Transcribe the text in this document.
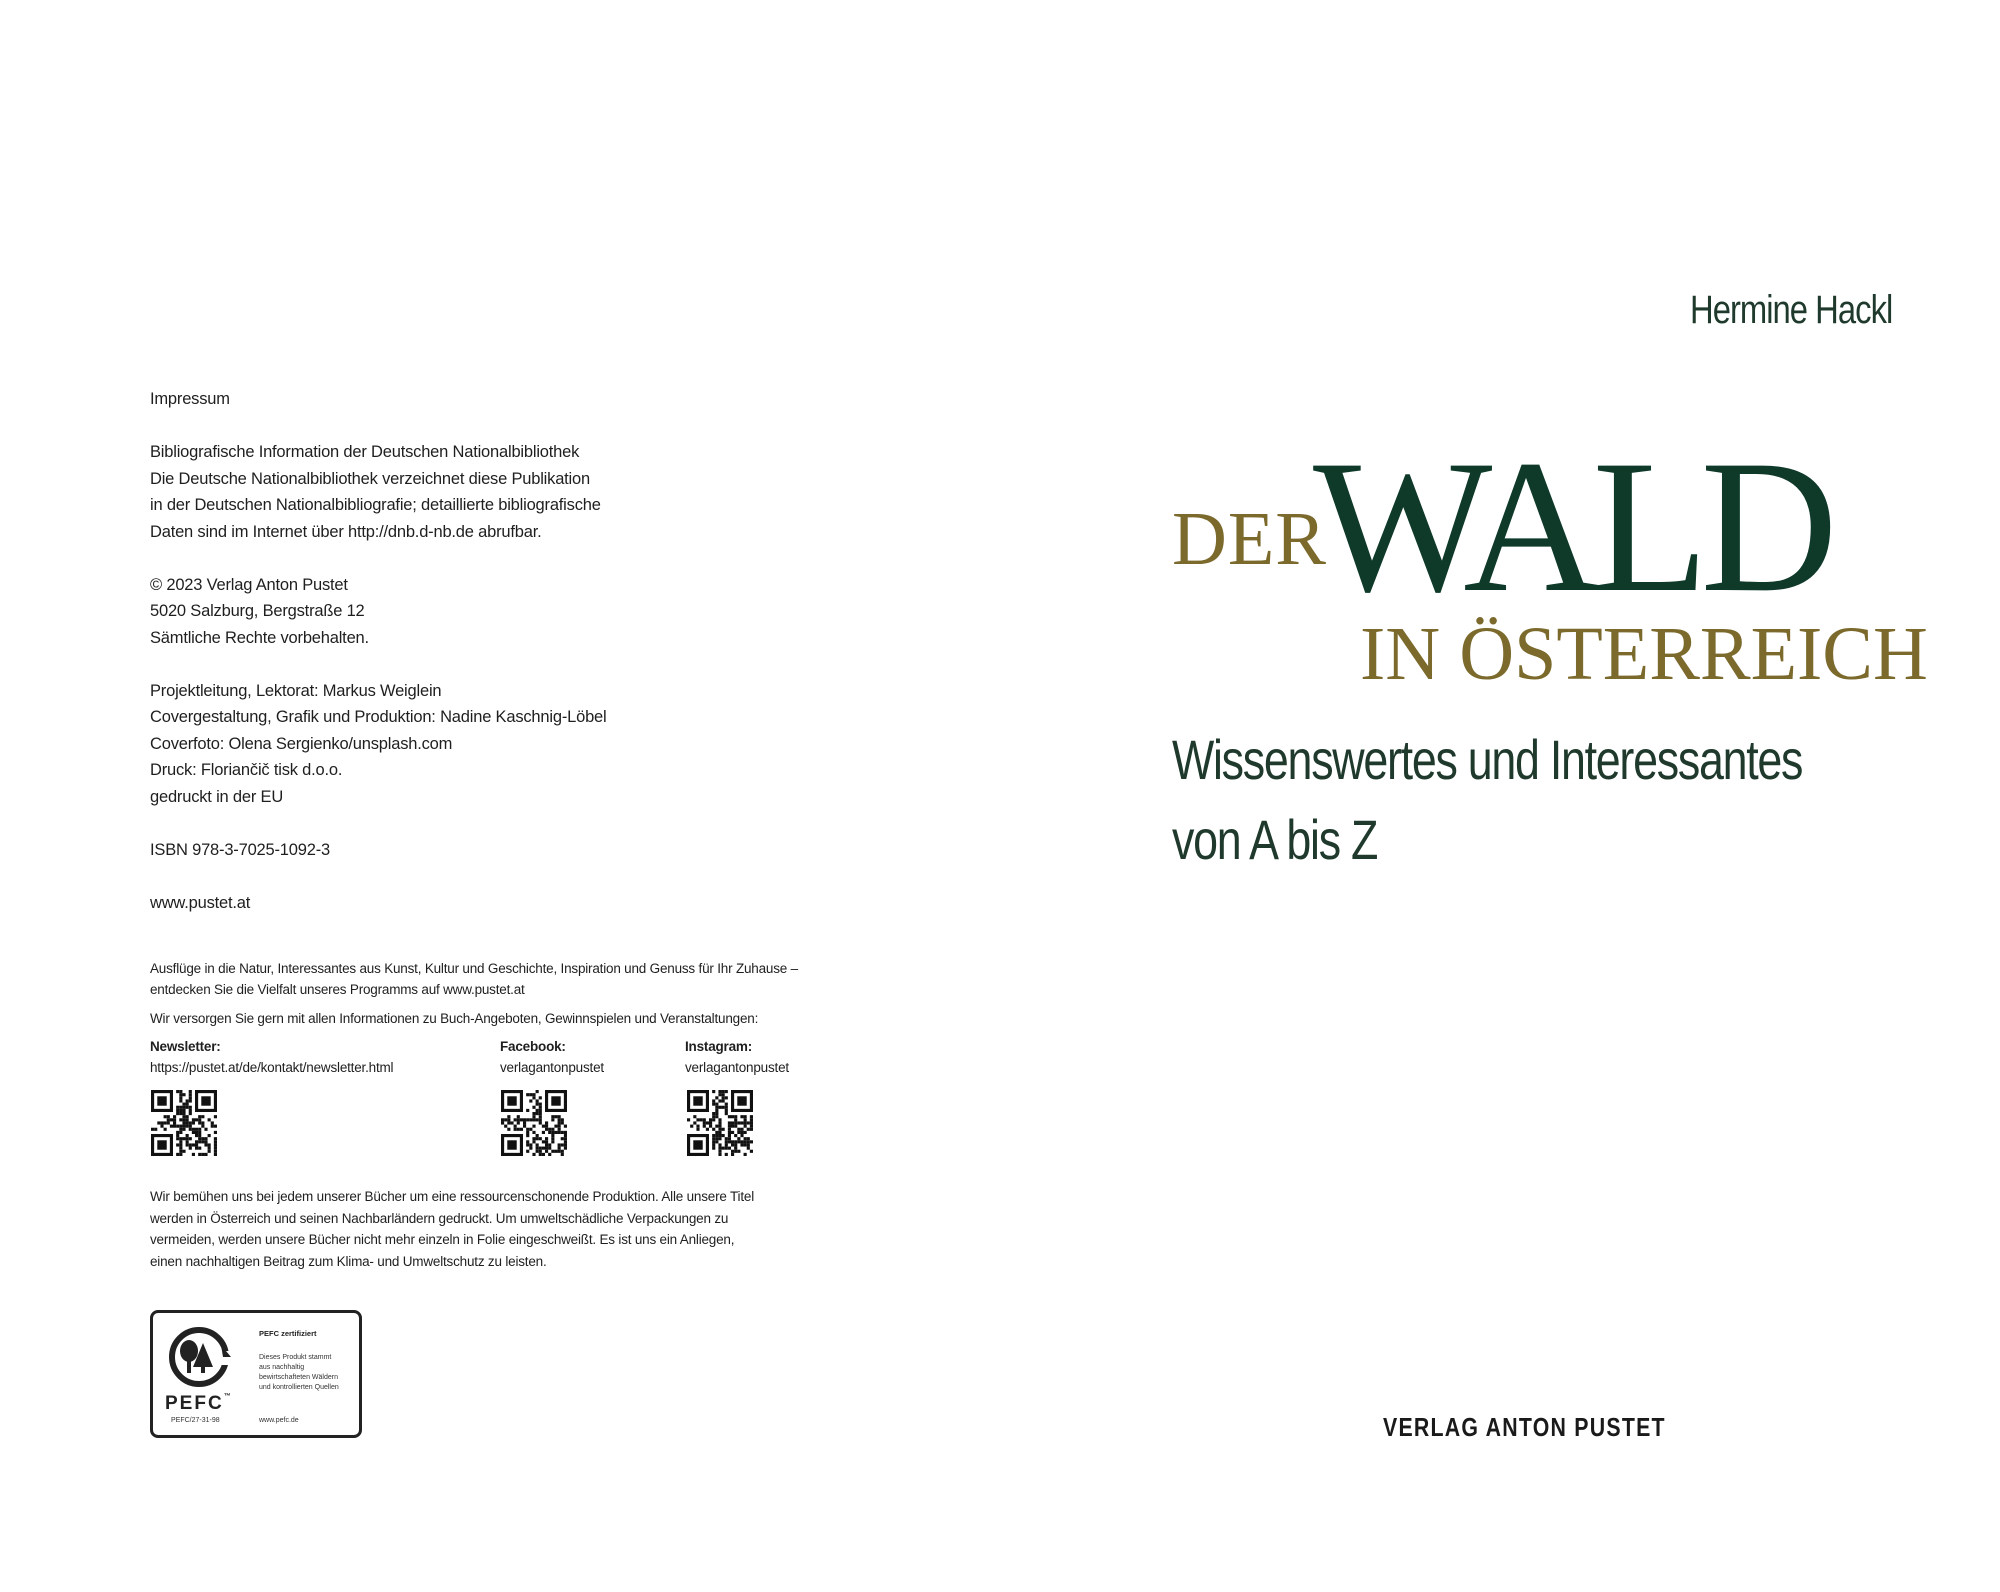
Impressum
Bibliografische Information der Deutschen Nationalbibliothek
Die Deutsche Nationalbibliothek verzeichnet diese Publikation
in der Deutschen Nationalbibliografie; detaillierte bibliografische
Daten sind im Internet über http://dnb.d-nb.de abrufbar.
© 2023 Verlag Anton Pustet
5020 Salzburg, Bergstraße 12
Sämtliche Rechte vorbehalten.
Projektleitung, Lektorat: Markus Weiglein
Covergestaltung, Grafik und Produktion: Nadine Kaschnig-Löbel
Coverfoto: Olena Sergienko/unsplash.com
Druck: Floriančič tisk d.o.o.
gedruckt in der EU
ISBN 978-3-7025-1092-3
www.pustet.at
Ausflüge in die Natur, Interessantes aus Kunst, Kultur und Geschichte, Inspiration und Genuss für Ihr Zuhause –
entdecken Sie die Vielfalt unseres Programms auf www.pustet.at
Wir versorgen Sie gern mit allen Informationen zu Buch-Angeboten, Gewinnspielen und Veranstaltungen:
Newsletter:
https://pustet.at/de/kontakt/newsletter.html
Facebook:
verlagantonpustet
Instagram:
verlagantonpustet
Wir bemühen uns bei jedem unserer Bücher um eine ressourcenschonende Produktion. Alle unsere Titel
werden in Österreich und seinen Nachbarländern gedruckt. Um umweltschädliche Verpackungen zu
vermeiden, werden unsere Bücher nicht mehr einzeln in Folie eingeschweißt. Es ist uns ein Anliegen,
einen nachhaltigen Beitrag zum Klima- und Umweltschutz zu leisten.
PEFC™
PEFC/27-31-98
PEFC zertifiziert
Dieses Produkt stammt
aus nachhaltig
bewirtschafteten Wäldern
und kontrollierten Quellen
www.pefc.de
Hermine Hackl
DER
WALD
IN ÖSTERREICH
Wissenswertes und Interessantes
von A bis Z
VERLAG ANTON PUSTET
